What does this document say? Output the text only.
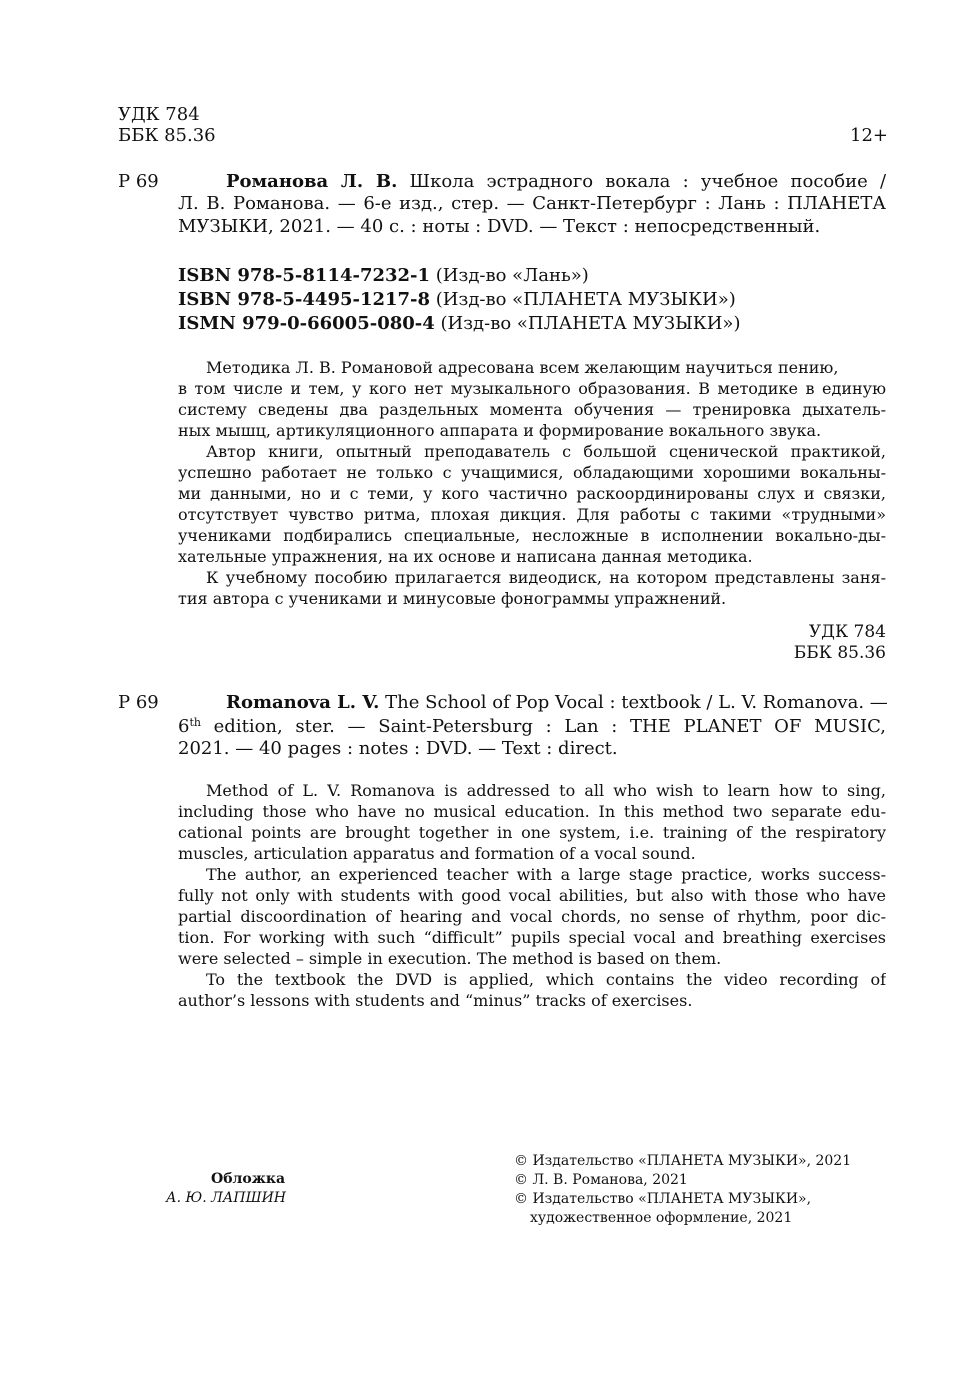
УДК 784
ББК 85.36	12+
Р 69	Романова Л. В. Школа эстрадного вокала : учебное пособие /
Л. В. Романова. — 6-е изд., стер. — Санкт-Петербург : Лань : ПЛАНЕТА
МУЗЫКИ, 2021. — 40 с. : ноты : DVD. — Текст : непосредственный.
ISBN 978-5-8114-7232-1 (Изд-во «Лань»)
ISBN 978-5-4495-1217-8 (Изд-во «ПЛАНЕТА МУЗЫКИ»)
ISMN 979-0-66005-080-4 (Изд-во «ПЛАНЕТА МУЗЫКИ»)
Методика Л. В. Романовой адресована всем желающим научиться пению,
в том числе и тем, у кого нет музыкального образования. В методике в единую
систему сведены два раздельных момента обучения — тренировка дыхатель-
ных мышц, артикуляционного аппарата и формирование вокального звука.
Автор книги, опытный преподаватель с большой сценической практикой,
успешно работает не только с учащимися, обладающими хорошими вокальны-
ми данными, но и с теми, у кого частично раскоординированы слух и связки,
отсутствует чувство ритма, плохая дикция. Для работы с такими «трудными»
учениками подбирались специальные, несложные в исполнении вокально-ды-
хательные упражнения, на их основе и написана данная методика.
К учебному пособию прилагается видеодиск, на котором представлены заня-
тия автора с учениками и минусовые фонограммы упражнений.
УДК 784
ББК 85.36
Р 69	Romanova L. V. The School of Pop Vocal : textbook / L. V. Romanova. —
6th edition, ster. — Saint-Petersburg : Lan : THE PLANET OF MUSIC,
2021. — 40 pages : notes : DVD. — Text : direct.
Method of L. V. Romanova is addressed to all who wish to learn how to sing,
including those who have no musical education. In this method two separate edu-
cational points are brought together in one system, i.e. training of the respiratory
muscles, articulation apparatus and formation of a vocal sound.
The author, an experienced teacher with a large stage practice, works success-
fully not only with students with good vocal abilities, but also with those who have
partial discoordination of hearing and vocal chords, no sense of rhythm, poor dic-
tion. For working with such “difficult” pupils special vocal and breathing exercises
were selected – simple in execution. The method is based on them.
To the textbook the DVD is applied, which contains the video recording of
author’s lessons with students and “minus” tracks of exercises.
Обложка
А. Ю. ЛАПШИН
© Издательство «ПЛАНЕТА МУЗЫКИ», 2021
© Л. В. Романова, 2021
© Издательство «ПЛАНЕТА МУЗЫКИ»,
художественное оформление, 2021
